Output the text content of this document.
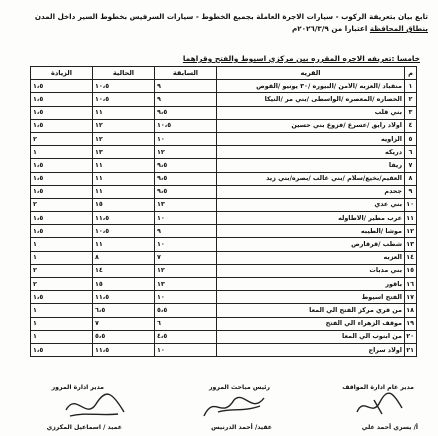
تابع بيان بتعريفة الركوب - سيارات الاجرة العاملة بجميع الخطوط - سيارات السرفيس بخطوط السير داخل المدن
بنطاق المحافظة اعتبارا من ٢٠٢٦/٣/٩م
خامسا :تعريفه الاجره المقرره بين مركزي اسيوط والفتح وقراهما
م	القريه	السابقة	الحالية	الزيادة
١	منقباد /العزبه /الامن /البيوره /٣٠ يونيو /القوص	٩	١٠،٥	١،٥
٢	الحصاره /المعصره /الواسطى /بني مر /النيكا	٩	١٠،٥	١،٥
٣	بني قلب	٩،٥	١١	١،٥
٤	اولاد رايق /عسرع /فزوع بني حسين	١٠،٥	١٢	١،٥
٥	الزاويه	١٠	١٢	٢
٦	دريكه	١٢	١٣	١
٧	ريفا	٩،٥	١١	١،٥
٨	العقيم/بخيع/سلام /بني غالب /بصره/بني زيد	٩،٥	١١	١،٥
٩	جحدم	٩،٥	١١	١،٥
١٠	بني عدي	١٣	١٥	٢
١١	عرب مطير /الاطاوله	١٠	١١،٥	١،٥
١٢	موشا /الطيبه	٩	١٠،٥	١،٥
١٣	شطب /قرقارص	١٠	١١	١
١٤	العزبه	٧	٨	١
١٥	بني مدبات	١٢	١٤	٢
١٦	باقور	١٣	١٥	٢
١٧	الفتح اسيوط	١٠	١١،٥	١،٥
١٨	من قري مركز الفتح الي المعا	٥،٥	٦،٥	١
١٩	موقف الزهراء الي الفتح	٦	٧	١
٢٠	من ابنوب الي المعا	٤،٥	٥،٥	١
٢١	اولاد سراج	١٠	١١،٥	١،٥
مدير عام ادارة المواقف
رئيس مباحث المرور
مدير ادارة المرور
أ/ يسري أحمد علي
عقيد/ أحمد الدرنيس
عميد / اسماعيل المكرزي
